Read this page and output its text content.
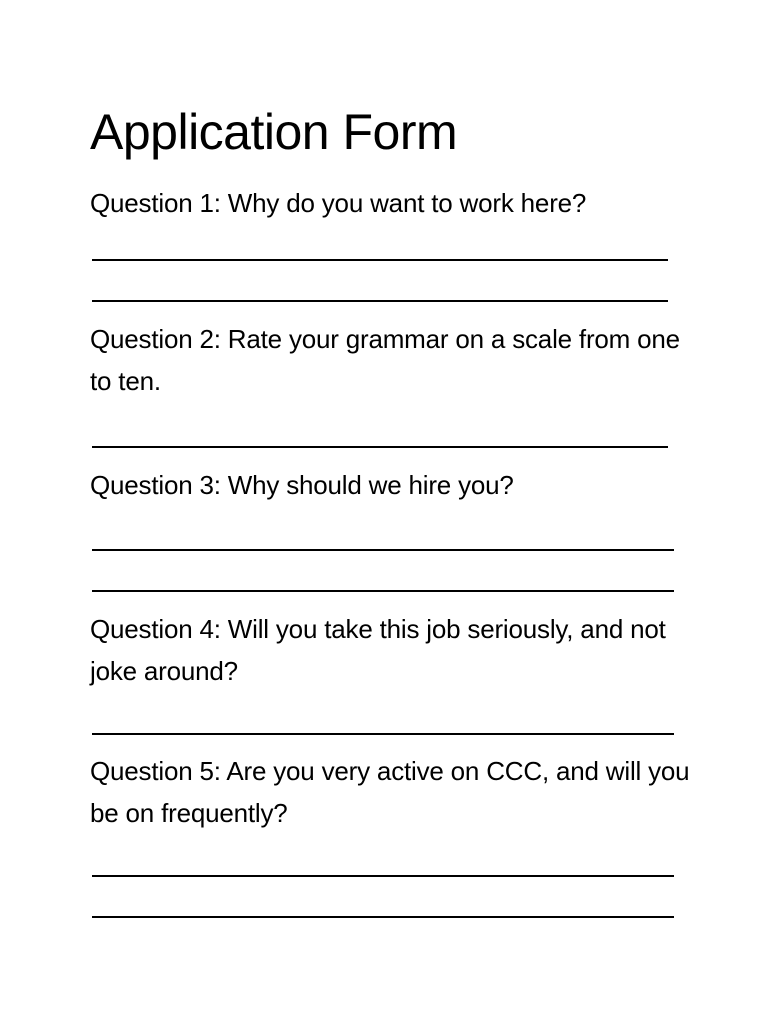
Application Form

Question 1: Why do you want to work here?

Question 2: Rate your grammar on a scale from one to ten.

Question 3: Why should we hire you?

Question 4: Will you take this job seriously, and not joke around?

Question 5: Are you very active on CCC, and will you be on frequently?
